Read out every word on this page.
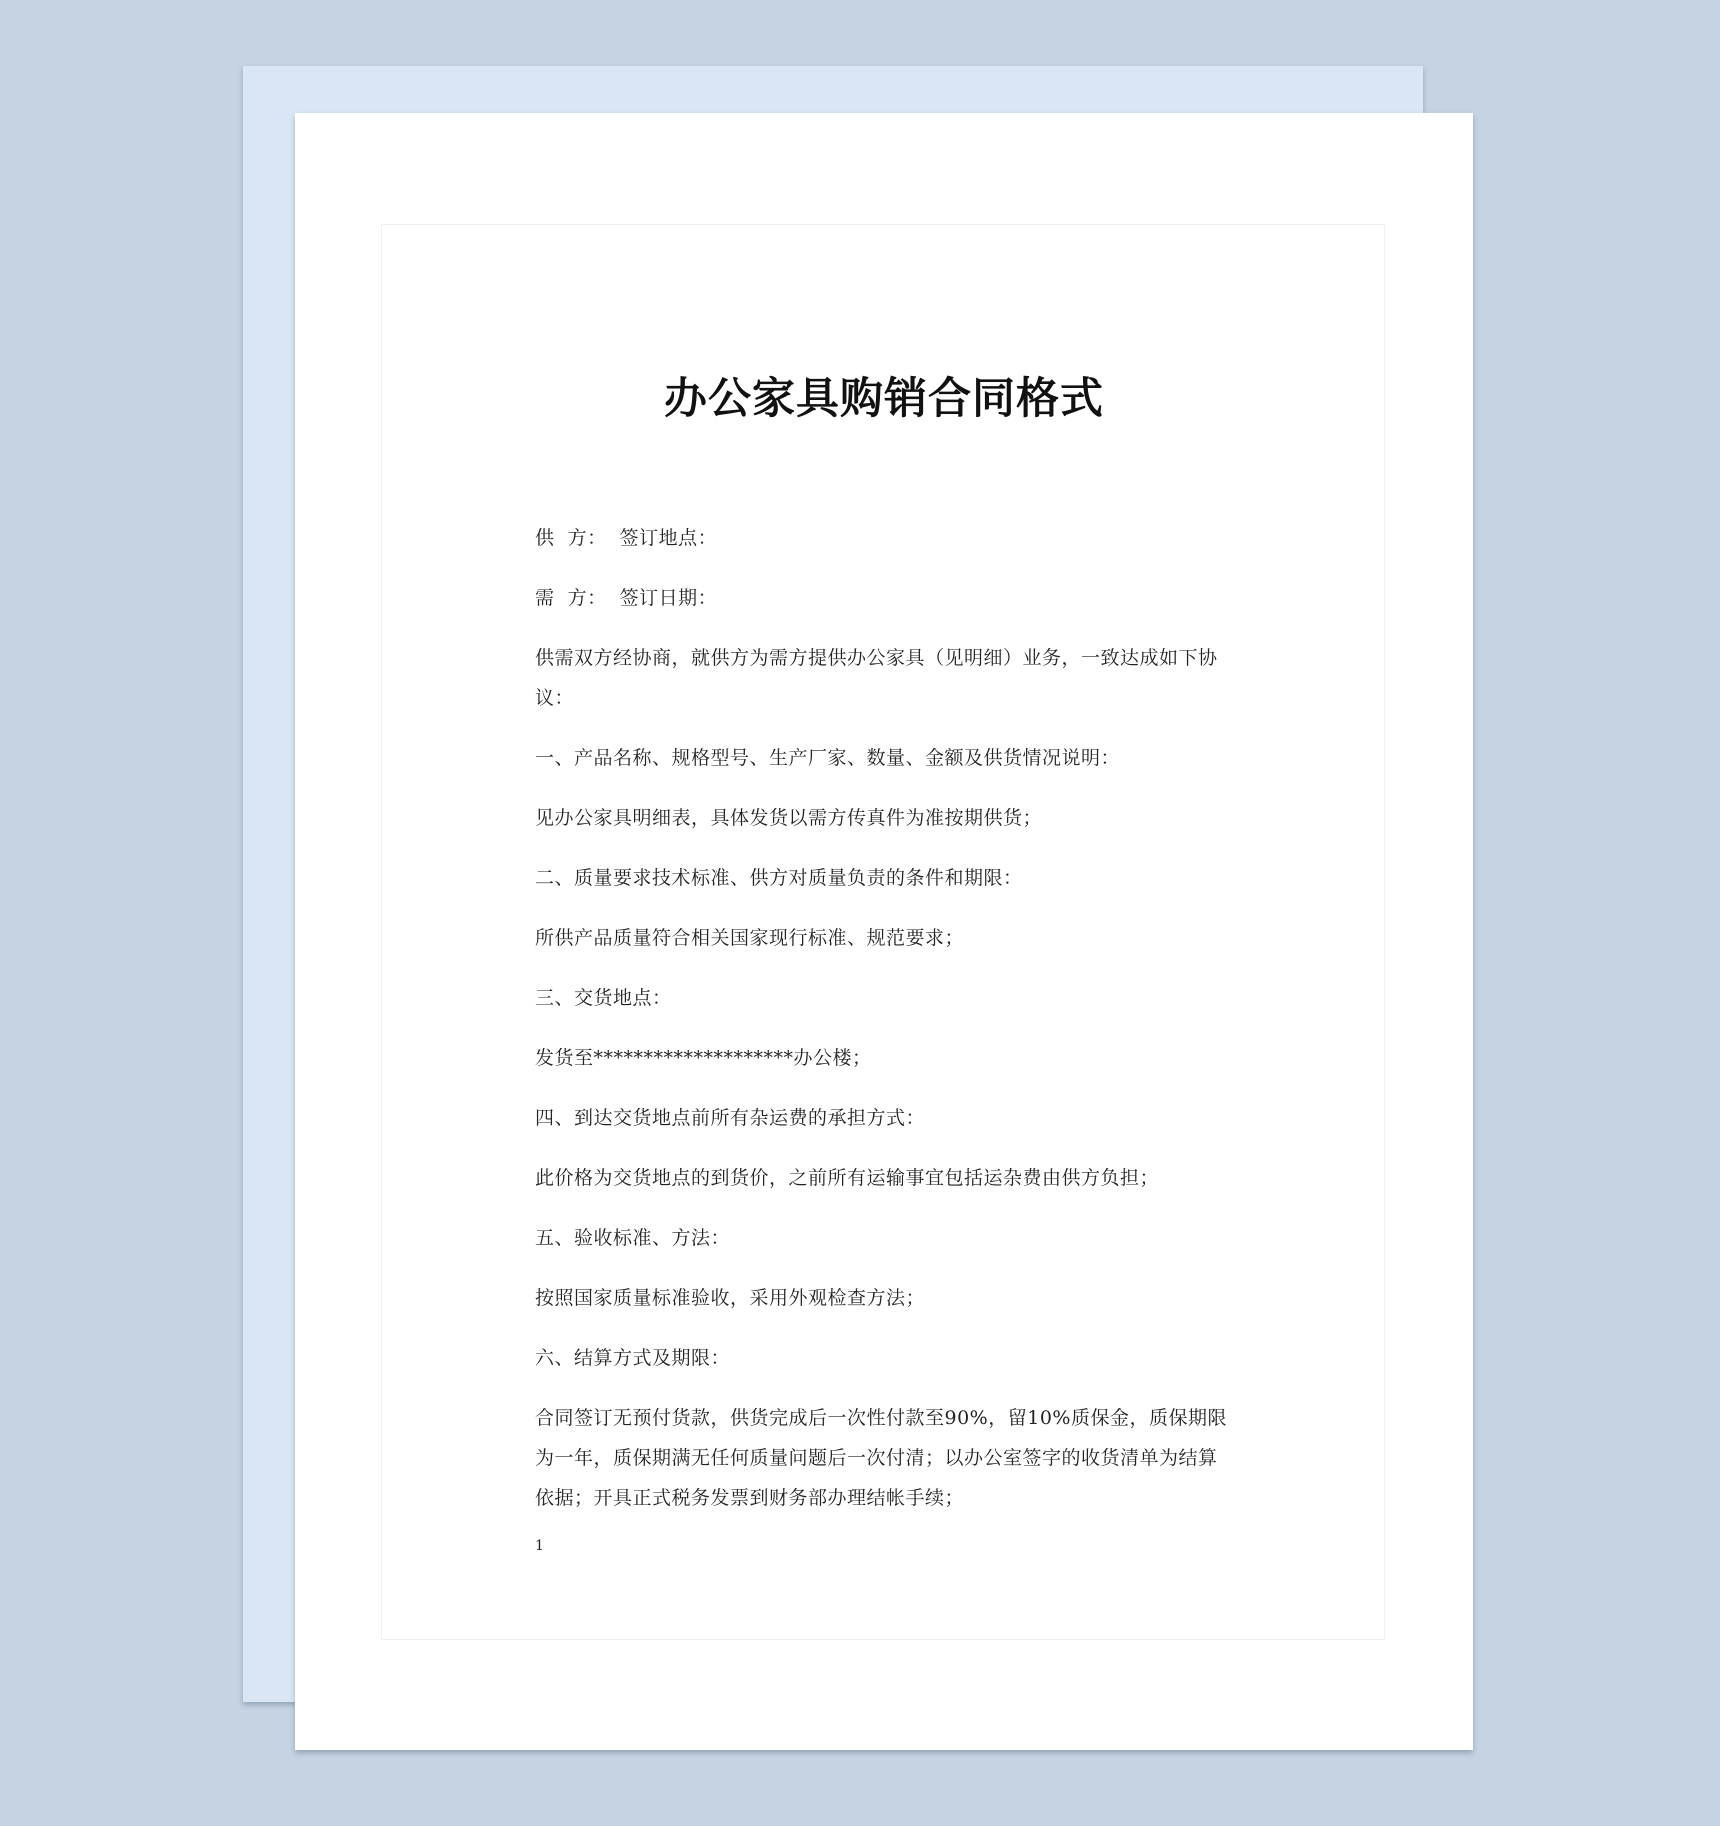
办公家具购销合同格式

供  方：  签订地点：

需  方：  签订日期：

供需双方经协商，就供方为需方提供办公家具（见明细）业务，一致达成如下协议：

一、产品名称、规格型号、生产厂家、数量、金额及供货情况说明：

见办公家具明细表，具体发货以需方传真件为准按期供货；

二、质量要求技术标准、供方对质量负责的条件和期限：

所供产品质量符合相关国家现行标准、规范要求；

三、交货地点：

发货至********************办公楼；

四、到达交货地点前所有杂运费的承担方式：

此价格为交货地点的到货价，之前所有运输事宜包括运杂费由供方负担；

五、验收标准、方法：

按照国家质量标准验收，采用外观检查方法；

六、结算方式及期限：

合同签订无预付货款，供货完成后一次性付款至90%，留10%质保金，质保期限为一年，质保期满无任何质量问题后一次付清；以办公室签字的收货清单为结算依据；开具正式税务发票到财务部办理结帐手续；

1
